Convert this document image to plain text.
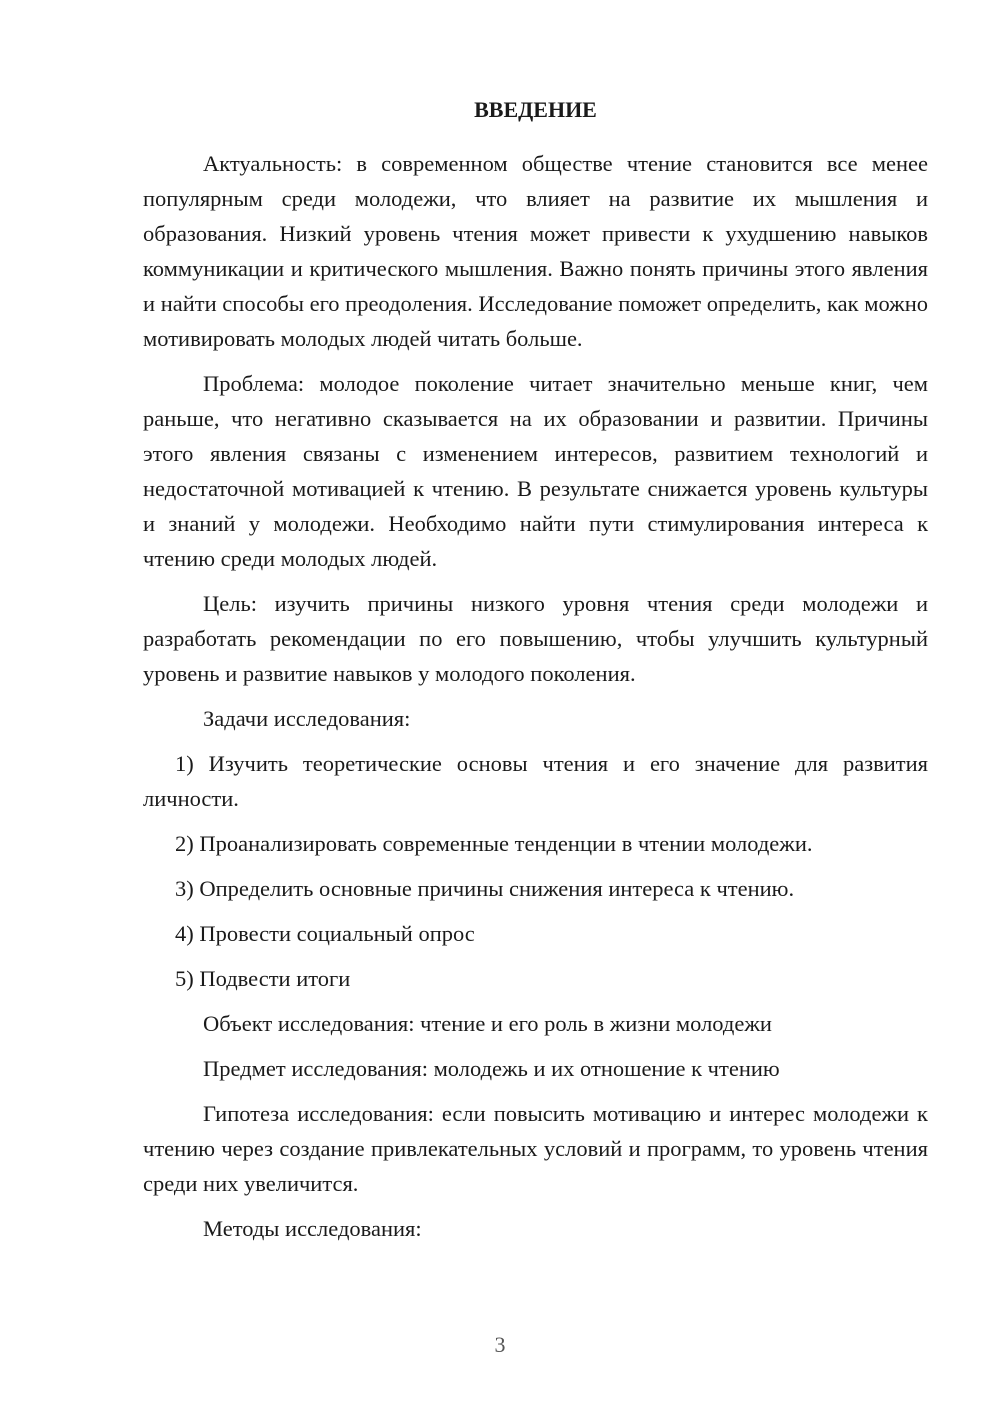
ВВЕДЕНИЕ

Актуальность: в современном обществе чтение становится все менее популярным среди молодежи, что влияет на развитие их мышления и образования. Низкий уровень чтения может привести к ухудшению навыков коммуникации и критического мышления. Важно понять причины этого явления и найти способы его преодоления. Исследование поможет определить, как можно мотивировать молодых людей читать больше.

Проблема: молодое поколение читает значительно меньше книг, чем раньше, что негативно сказывается на их образовании и развитии. Причины этого явления связаны с изменением интересов, развитием технологий и недостаточной мотивацией к чтению. В результате снижается уровень культуры и знаний у молодежи. Необходимо найти пути стимулирования интереса к чтению среди молодых людей.

Цель: изучить причины низкого уровня чтения среди молодежи и разработать рекомендации по его повышению, чтобы улучшить культурный уровень и развитие навыков у молодого поколения.

Задачи исследования:

1) Изучить теоретические основы чтения и его значение для развития личности.

2) Проанализировать современные тенденции в чтении молодежи.

3) Определить основные причины снижения интереса к чтению.

4) Провести социальный опрос

5) Подвести итоги

Объект исследования: чтение и его роль в жизни молодежи

Предмет исследования: молодежь и их отношение к чтению

Гипотеза исследования: если повысить мотивацию и интерес молодежи к чтению через создание привлекательных условий и программ, то уровень чтения среди них увеличится.

Методы исследования:

3
